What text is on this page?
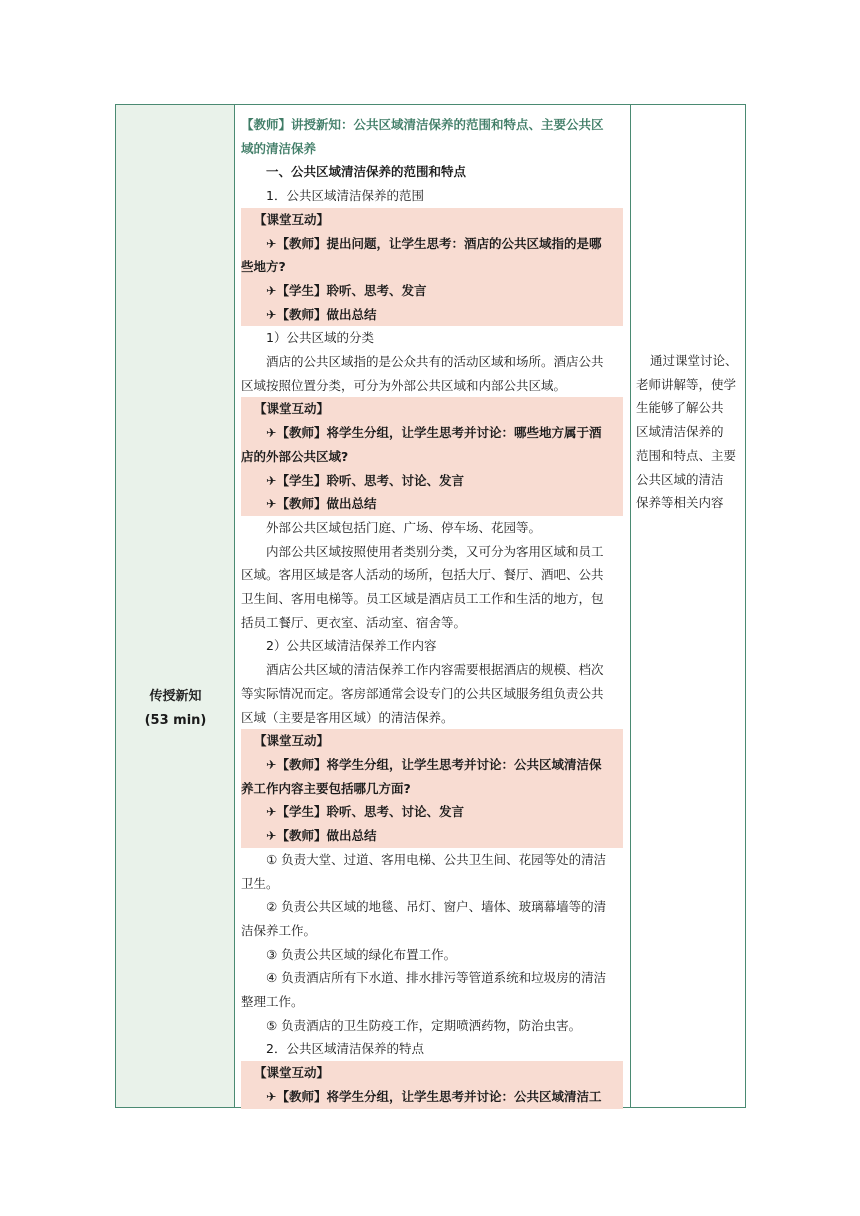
传授新知
(53 min)
【教师】讲授新知：公共区域清洁保养的范围和特点、主要公共区
域的清洁保养
一、公共区域清洁保养的范围和特点
1．公共区域清洁保养的范围
【课堂互动】
✈【教师】提出问题，让学生思考：酒店的公共区域指的是哪
些地方?
✈【学生】聆听、思考、发言
✈【教师】做出总结
1）公共区域的分类
酒店的公共区域指的是公众共有的活动区域和场所。酒店公共
区域按照位置分类，可分为外部公共区域和内部公共区域。
【课堂互动】
✈【教师】将学生分组，让学生思考并讨论：哪些地方属于酒
店的外部公共区域?
✈【学生】聆听、思考、讨论、发言
✈【教师】做出总结
外部公共区域包括门庭、广场、停车场、花园等。
内部公共区域按照使用者类别分类，又可分为客用区域和员工
区域。客用区域是客人活动的场所，包括大厅、餐厅、酒吧、公共
卫生间、客用电梯等。员工区域是酒店员工工作和生活的地方，包
括员工餐厅、更衣室、活动室、宿舍等。
2）公共区域清洁保养工作内容
酒店公共区域的清洁保养工作内容需要根据酒店的规模、档次
等实际情况而定。客房部通常会设专门的公共区域服务组负责公共
区域（主要是客用区域）的清洁保养。
【课堂互动】
✈【教师】将学生分组，让学生思考并讨论：公共区域清洁保
养工作内容主要包括哪几方面?
✈【学生】聆听、思考、讨论、发言
✈【教师】做出总结
① 负责大堂、过道、客用电梯、公共卫生间、花园等处的清洁
卫生。
② 负责公共区域的地毯、吊灯、窗户、墙体、玻璃幕墙等的清
洁保养工作。
③ 负责公共区域的绿化布置工作。
④ 负责酒店所有下水道、排水排污等管道系统和垃圾房的清洁
整理工作。
⑤ 负责酒店的卫生防疫工作，定期喷洒药物，防治虫害。
2．公共区域清洁保养的特点
【课堂互动】
✈【教师】将学生分组，让学生思考并讨论：公共区域清洁工
通过课堂讨论、
老师讲解等，使学
生能够了解公共
区域清洁保养的
范围和特点、主要
公共区域的清洁
保养等相关内容
